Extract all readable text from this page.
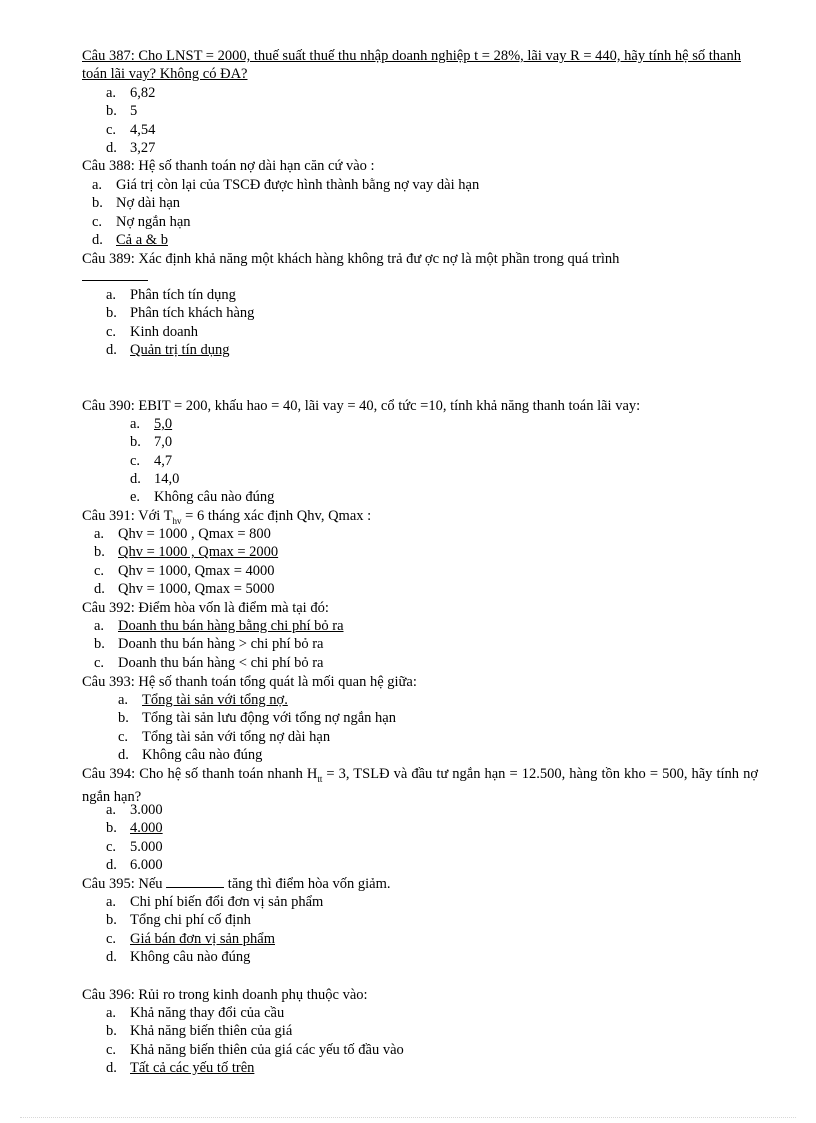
Câu 387: Cho LNST = 2000, thuế suất thuế thu nhập doanh nghiệp t = 28%, lãi vay R = 440, hãy tính hệ số thanh toán lãi vay? Không có ĐA?
a. 6,82
b. 5
c. 4,54
d. 3,27
Câu 388: Hệ số thanh toán nợ dài hạn căn cứ vào :
a. Giá trị còn lại của TSCĐ được hình thành bằng nợ vay dài hạn
b. Nợ dài hạn
c. Nợ ngắn hạn
d. Cả a & b
Câu 389: Xác định khả năng một khách hàng không trả đư ợc nợ là một phần trong quá trình

a. Phân tích tín dụng
b. Phân tích khách hàng
c. Kinh doanh
d. Quản trị tín dụng
Câu 390: EBIT = 200, khấu hao = 40, lãi vay = 40, cổ tức =10, tính khả năng thanh toán lãi vay:
a. 5,0
b. 7,0
c. 4,7
d. 14,0
e. Không câu nào đúng
Câu 391: Với $T_{hv} = 6$ tháng xác định Qhv, Qmax :
a. Qhv = 1000 , Qmax = 800
b. Qhv = 1000 , Qmax = 2000
c. Qhv = 1000, Qmax = 4000
d. Qhv = 1000, Qmax = 5000
Câu 392: Điểm hòa vốn là điểm mà tại đó:
a. Doanh thu bán hàng bằng chi phí bỏ ra
b. Doanh thu bán hàng > chi phí bỏ ra
c. Doanh thu bán hàng < chi phí bỏ ra
Câu 393: Hệ số thanh toán tổng quát là mối quan hệ giữa:
a. Tổng tài sản với tổng nợ.
b. Tổng tài sản lưu động với tổng nợ ngắn hạn
c. Tổng tài sản với tổng nợ dài hạn
d. Không câu nào đúng
Câu 394: Cho hệ số thanh toán nhanh $H_{tt} = 3$, TSLĐ và đầu tư ngắn hạn = 12.500, hàng tồn kho = 500, hãy tính nợ ngắn hạn?
a. 3.000
b. 4.000
c. 5.000
d. 6.000
Câu 395: Nếu	tăng thì điểm hòa vốn giảm.
a. Chi phí biến đổi đơn vị sản phẩm
b. Tổng chi phí cố định
c. Giá bán đơn vị sản phẩm
d. Không câu nào đúng
Câu 396: Rủi ro trong kinh doanh phụ thuộc vào:
a. Khả năng thay đổi của cầu
b. Khả năng biến thiên của giá
c. Khả năng biến thiên của giá các yếu tố đầu vào
d. Tất cả các yếu tố trên
